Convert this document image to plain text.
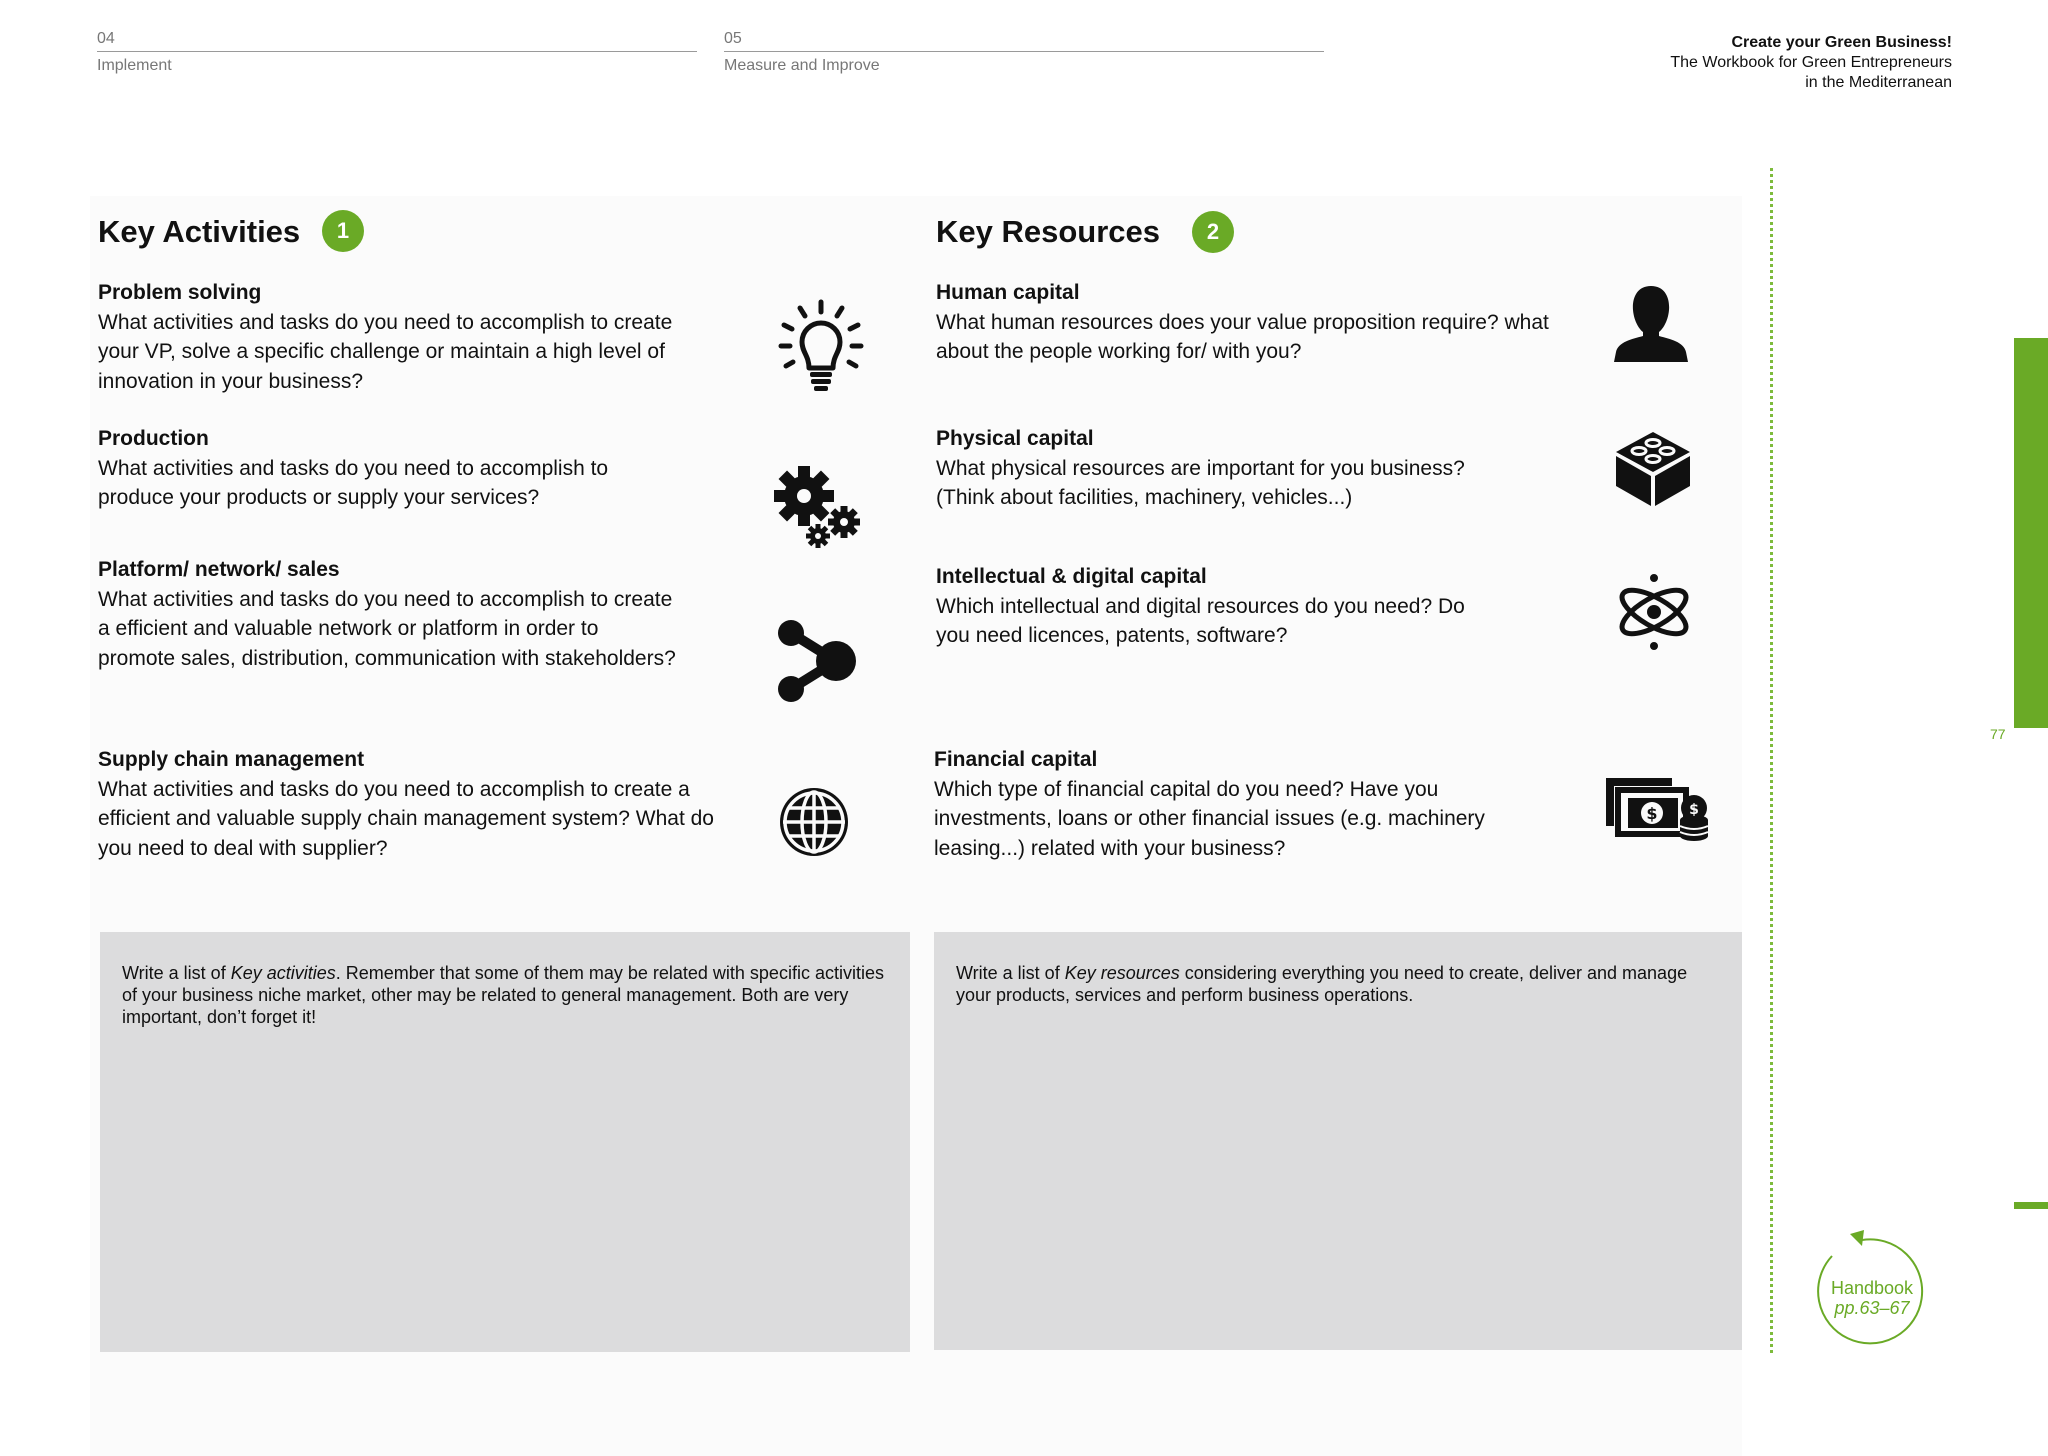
04
Implement
05
Measure and Improve
Create your Green Business!
The Workbook for Green Entrepreneurs
in the Mediterranean
Key Activities	1
Problem solving
What activities and tasks do you need to accomplish to create your VP, solve a specific challenge or maintain a high level of innovation in your business?
Production
What activities and tasks do you need to accomplish to produce your products or supply your services?
Platform/ network/ sales
What activities and tasks do you need to accomplish to create a efficient and valuable network or platform in order to promote sales, distribution, communication with stakeholders?
Supply chain management
What activities and tasks do you need to accomplish to create a efficient and valuable supply chain management system? What do you need to deal with supplier?
Key Resources	2
Human capital
What human resources does your value proposition require? what about the people working for/ with you?
Physical capital
What physical resources are important for you business? (Think about facilities, machinery, vehicles...)
Intellectual & digital capital
Which intellectual and digital resources do you need? Do you need licences, patents, software?
Financial capital
Which type of financial capital do you need? Have you investments, loans or other financial issues (e.g. machinery leasing...) related with your business?
$ $
Write a list of Key activities. Remember that some of them may be related with specific activities of your business niche market, other may be related to general management. Both are very important, don’t forget it!
Write a list of Key resources considering everything you need to create, deliver and manage your products, services and perform business operations.
77
Handbook
pp.63–67
